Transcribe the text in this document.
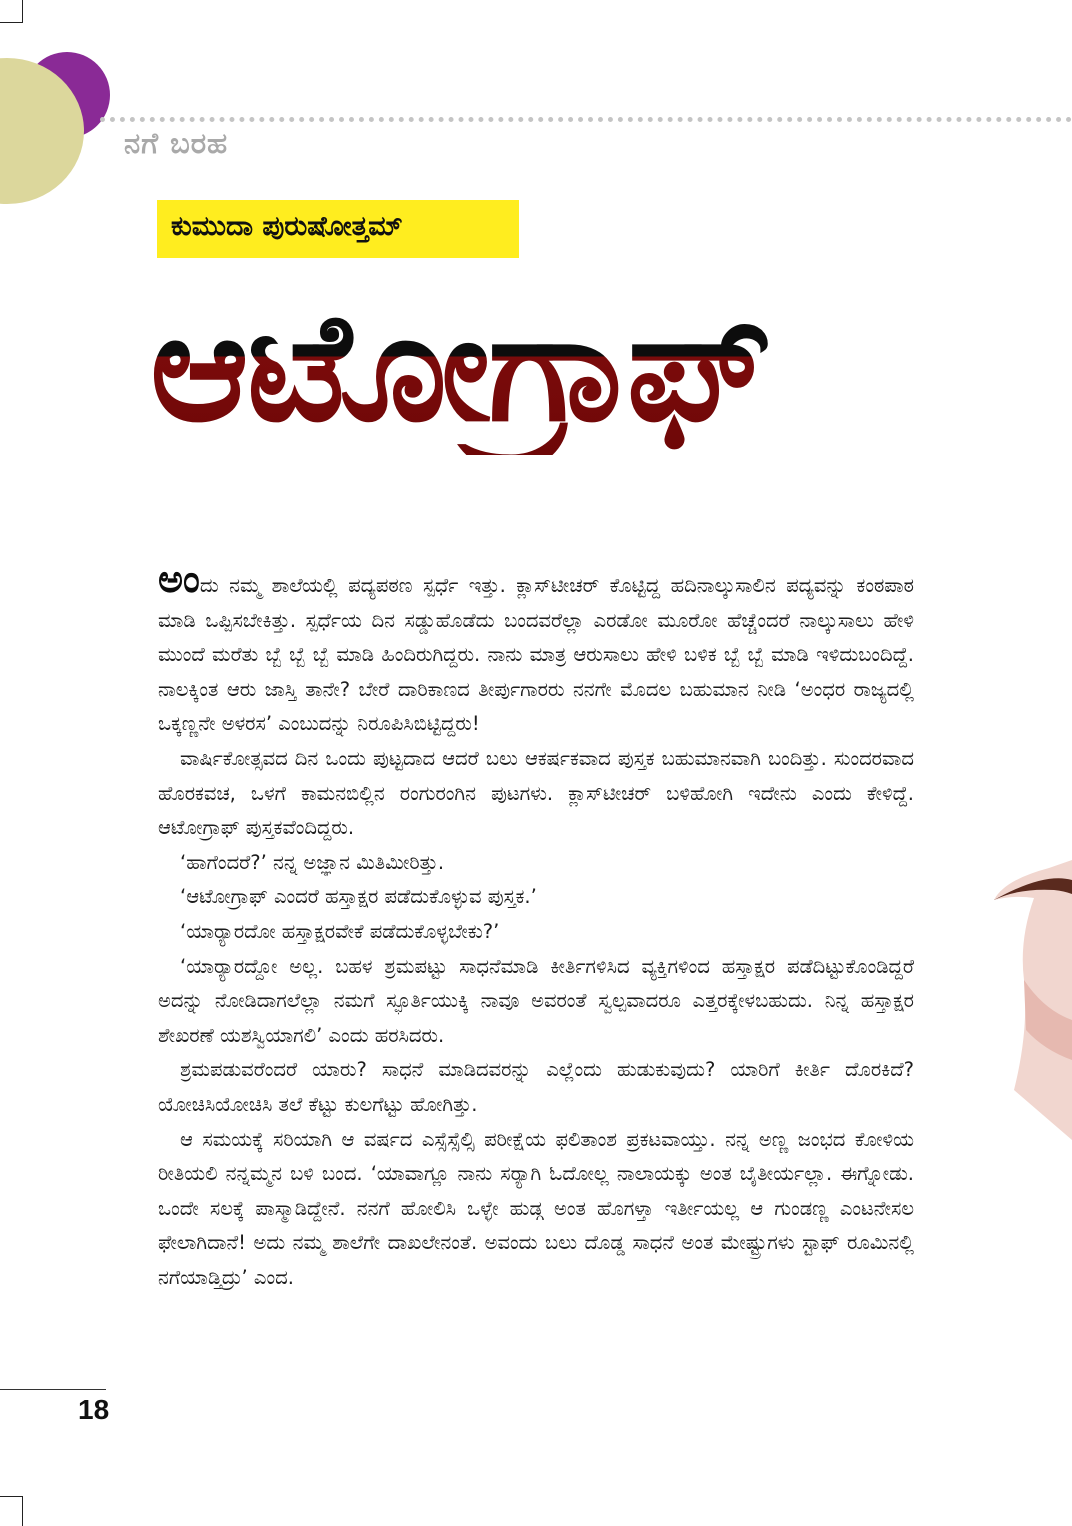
ನಗೆ ಬರಹ
ಕುಮುದಾ ಪುರುಷೋತ್ತಮ್
ಆಟೋಗ್ರಾಫ್

ಅಂದು ನಮ್ಮ ಶಾಲೆಯಲ್ಲಿ ಪದ್ಯಪಠಣ ಸ್ಪರ್ಧೆ ಇತ್ತು. ಕ್ಲಾಸ್‌ಟೀಚರ್ ಕೊಟ್ಟಿದ್ದ ಹದಿನಾಲ್ಕುಸಾಲಿನ ಪದ್ಯವನ್ನು ಕಂಠಪಾಠ ಮಾಡಿ ಒಪ್ಪಿಸಬೇಕಿತ್ತು. ಸ್ಪರ್ಧೆಯ ದಿನ ಸಡ್ಡುಹೊಡೆದು ಬಂದವರೆಲ್ಲಾ ಎರಡೋ ಮೂರೋ ಹೆಚ್ಚೆಂದರೆ ನಾಲ್ಕುಸಾಲು ಹೇಳಿ ಮುಂದೆ ಮರೆತು ಬ್ಬೆ ಬ್ಬೆ ಬ್ಬೆ ಮಾಡಿ ಹಿಂದಿರುಗಿದ್ದರು. ನಾನು ಮಾತ್ರ ಆರುಸಾಲು ಹೇಳಿ ಬಳಿಕ ಬ್ಬೆ ಬ್ಬೆ ಮಾಡಿ ಇಳಿದುಬಂದಿದ್ದೆ. ನಾಲಕ್ಕಿಂತ ಆರು ಜಾಸ್ತಿ ತಾನೇ? ಬೇರೆ ದಾರಿಕಾಣದ ತೀರ್ಪುಗಾರರು ನನಗೇ ಮೊದಲ ಬಹುಮಾನ ನೀಡಿ ‘ಅಂಧರ ರಾಜ್ಯದಲ್ಲಿ ಒಕ್ಕಣ್ಣನೇ ಅಳರಸ’ ಎಂಬುದನ್ನು ನಿರೂಪಿಸಿಬಿಟ್ಟಿದ್ದರು!

ವಾರ್ಷಿಕೋತ್ಸವದ ದಿನ ಒಂದು ಪುಟ್ಟದಾದ ಆದರೆ ಬಲು ಆಕರ್ಷಕವಾದ ಪುಸ್ತಕ ಬಹುಮಾನವಾಗಿ ಬಂದಿತ್ತು. ಸುಂದರವಾದ ಹೊರಕವಚ, ಒಳಗೆ ಕಾಮನಬಿಲ್ಲಿನ ರಂಗುರಂಗಿನ ಪುಟಗಳು. ಕ್ಲಾಸ್‌ಟೀಚರ್ ಬಳಿಹೋಗಿ ಇದೇನು ಎಂದು ಕೇಳಿದ್ದೆ. ಆಟೋಗ್ರಾಫ್ ಪುಸ್ತಕವೆಂದಿದ್ದರು.

‘ಹಾಗೆಂದರೆ?’ ನನ್ನ ಅಜ್ಞಾನ ಮಿತಿಮೀರಿತ್ತು.

‘ಆಟೋಗ್ರಾಫ್ ಎಂದರೆ ಹಸ್ತಾಕ್ಷರ ಪಡೆದುಕೊಳ್ಳುವ ಪುಸ್ತಕ.’

‘ಯಾರ್‍ಯಾರದೋ ಹಸ್ತಾಕ್ಷರವೇಕೆ ಪಡೆದುಕೊಳ್ಳಬೇಕು?’

‘ಯಾರ್‍ಯಾರದ್ದೋ ಅಲ್ಲ. ಬಹಳ ಶ್ರಮಪಟ್ಟು ಸಾಧನೆಮಾಡಿ ಕೀರ್ತಿಗಳಿಸಿದ ವ್ಯಕ್ತಿಗಳಿಂದ ಹಸ್ತಾಕ್ಷರ ಪಡೆದಿಟ್ಟುಕೊಂಡಿದ್ದರೆ ಅದನ್ನು ನೋಡಿದಾಗಲೆಲ್ಲಾ ನಮಗೆ ಸ್ಫೂರ್ತಿಯುಕ್ಕಿ ನಾವೂ ಅವರಂತೆ ಸ್ವಲ್ಪವಾದರೂ ಎತ್ತರಕ್ಕೇಳಬಹುದು. ನಿನ್ನ ಹಸ್ತಾಕ್ಷರ ಶೇಖರಣೆ ಯಶಸ್ವಿಯಾಗಲಿ’ ಎಂದು ಹರಸಿದರು.

ಶ್ರಮಪಡುವರೆಂದರೆ ಯಾರು? ಸಾಧನೆ ಮಾಡಿದವರನ್ನು ಎಲ್ಲೆಂದು ಹುಡುಕುವುದು? ಯಾರಿಗೆ ಕೀರ್ತಿ ದೊರಕಿದೆ? ಯೋಚಿಸಿಯೋಚಿಸಿ ತಲೆ ಕೆಟ್ಟು ಕುಲಗೆಟ್ಟು ಹೋಗಿತ್ತು.

ಆ ಸಮಯಕ್ಕೆ ಸರಿಯಾಗಿ ಆ ವರ್ಷದ ಎಸ್ಸೆಸ್ಸೆಲ್ಸಿ ಪರೀಕ್ಷೆಯ ಫಲಿತಾಂಶ ಪ್ರಕಟವಾಯ್ತು. ನನ್ನ ಅಣ್ಣ ಜಂಭದ ಕೋಳಿಯ ರೀತಿಯಲಿ ನನ್ನಮ್ಮನ ಬಳಿ ಬಂದ. ‘ಯಾವಾಗ್ಲೂ ನಾನು ಸರ್‍ಯಾಗಿ ಓದೋಲ್ಲ ನಾಲಾಯಕ್ಕು ಅಂತ ಬೈತೀರ್ಯಲ್ಲಾ. ಈಗ್ನೋಡು. ಒಂದೇ ಸಲಕ್ಕೆ ಪಾಸ್ಮಾಡಿದ್ದೇನೆ. ನನಗೆ ಹೋಲಿಸಿ ಒಳ್ಳೇ ಹುಡ್ಗ ಅಂತ ಹೊಗಳ್ತಾ ಇರ್ತೀಯಲ್ಲ ಆ ಗುಂಡಣ್ಣ ಎಂಟನೇಸಲ ಫೇಲಾಗಿದಾನೆ! ಅದು ನಮ್ಮ ಶಾಲೆಗೇ ದಾಖಲೇನಂತೆ. ಅವಂದು ಬಲು ದೊಡ್ಡ ಸಾಧನೆ ಅಂತ ಮೇಷ್ಟ್ರುಗಳು ಸ್ಟಾಫ್ ರೂಮಿನಲ್ಲಿ ನಗೆಯಾಡ್ತಿದ್ರು’ ಎಂದ.

18
